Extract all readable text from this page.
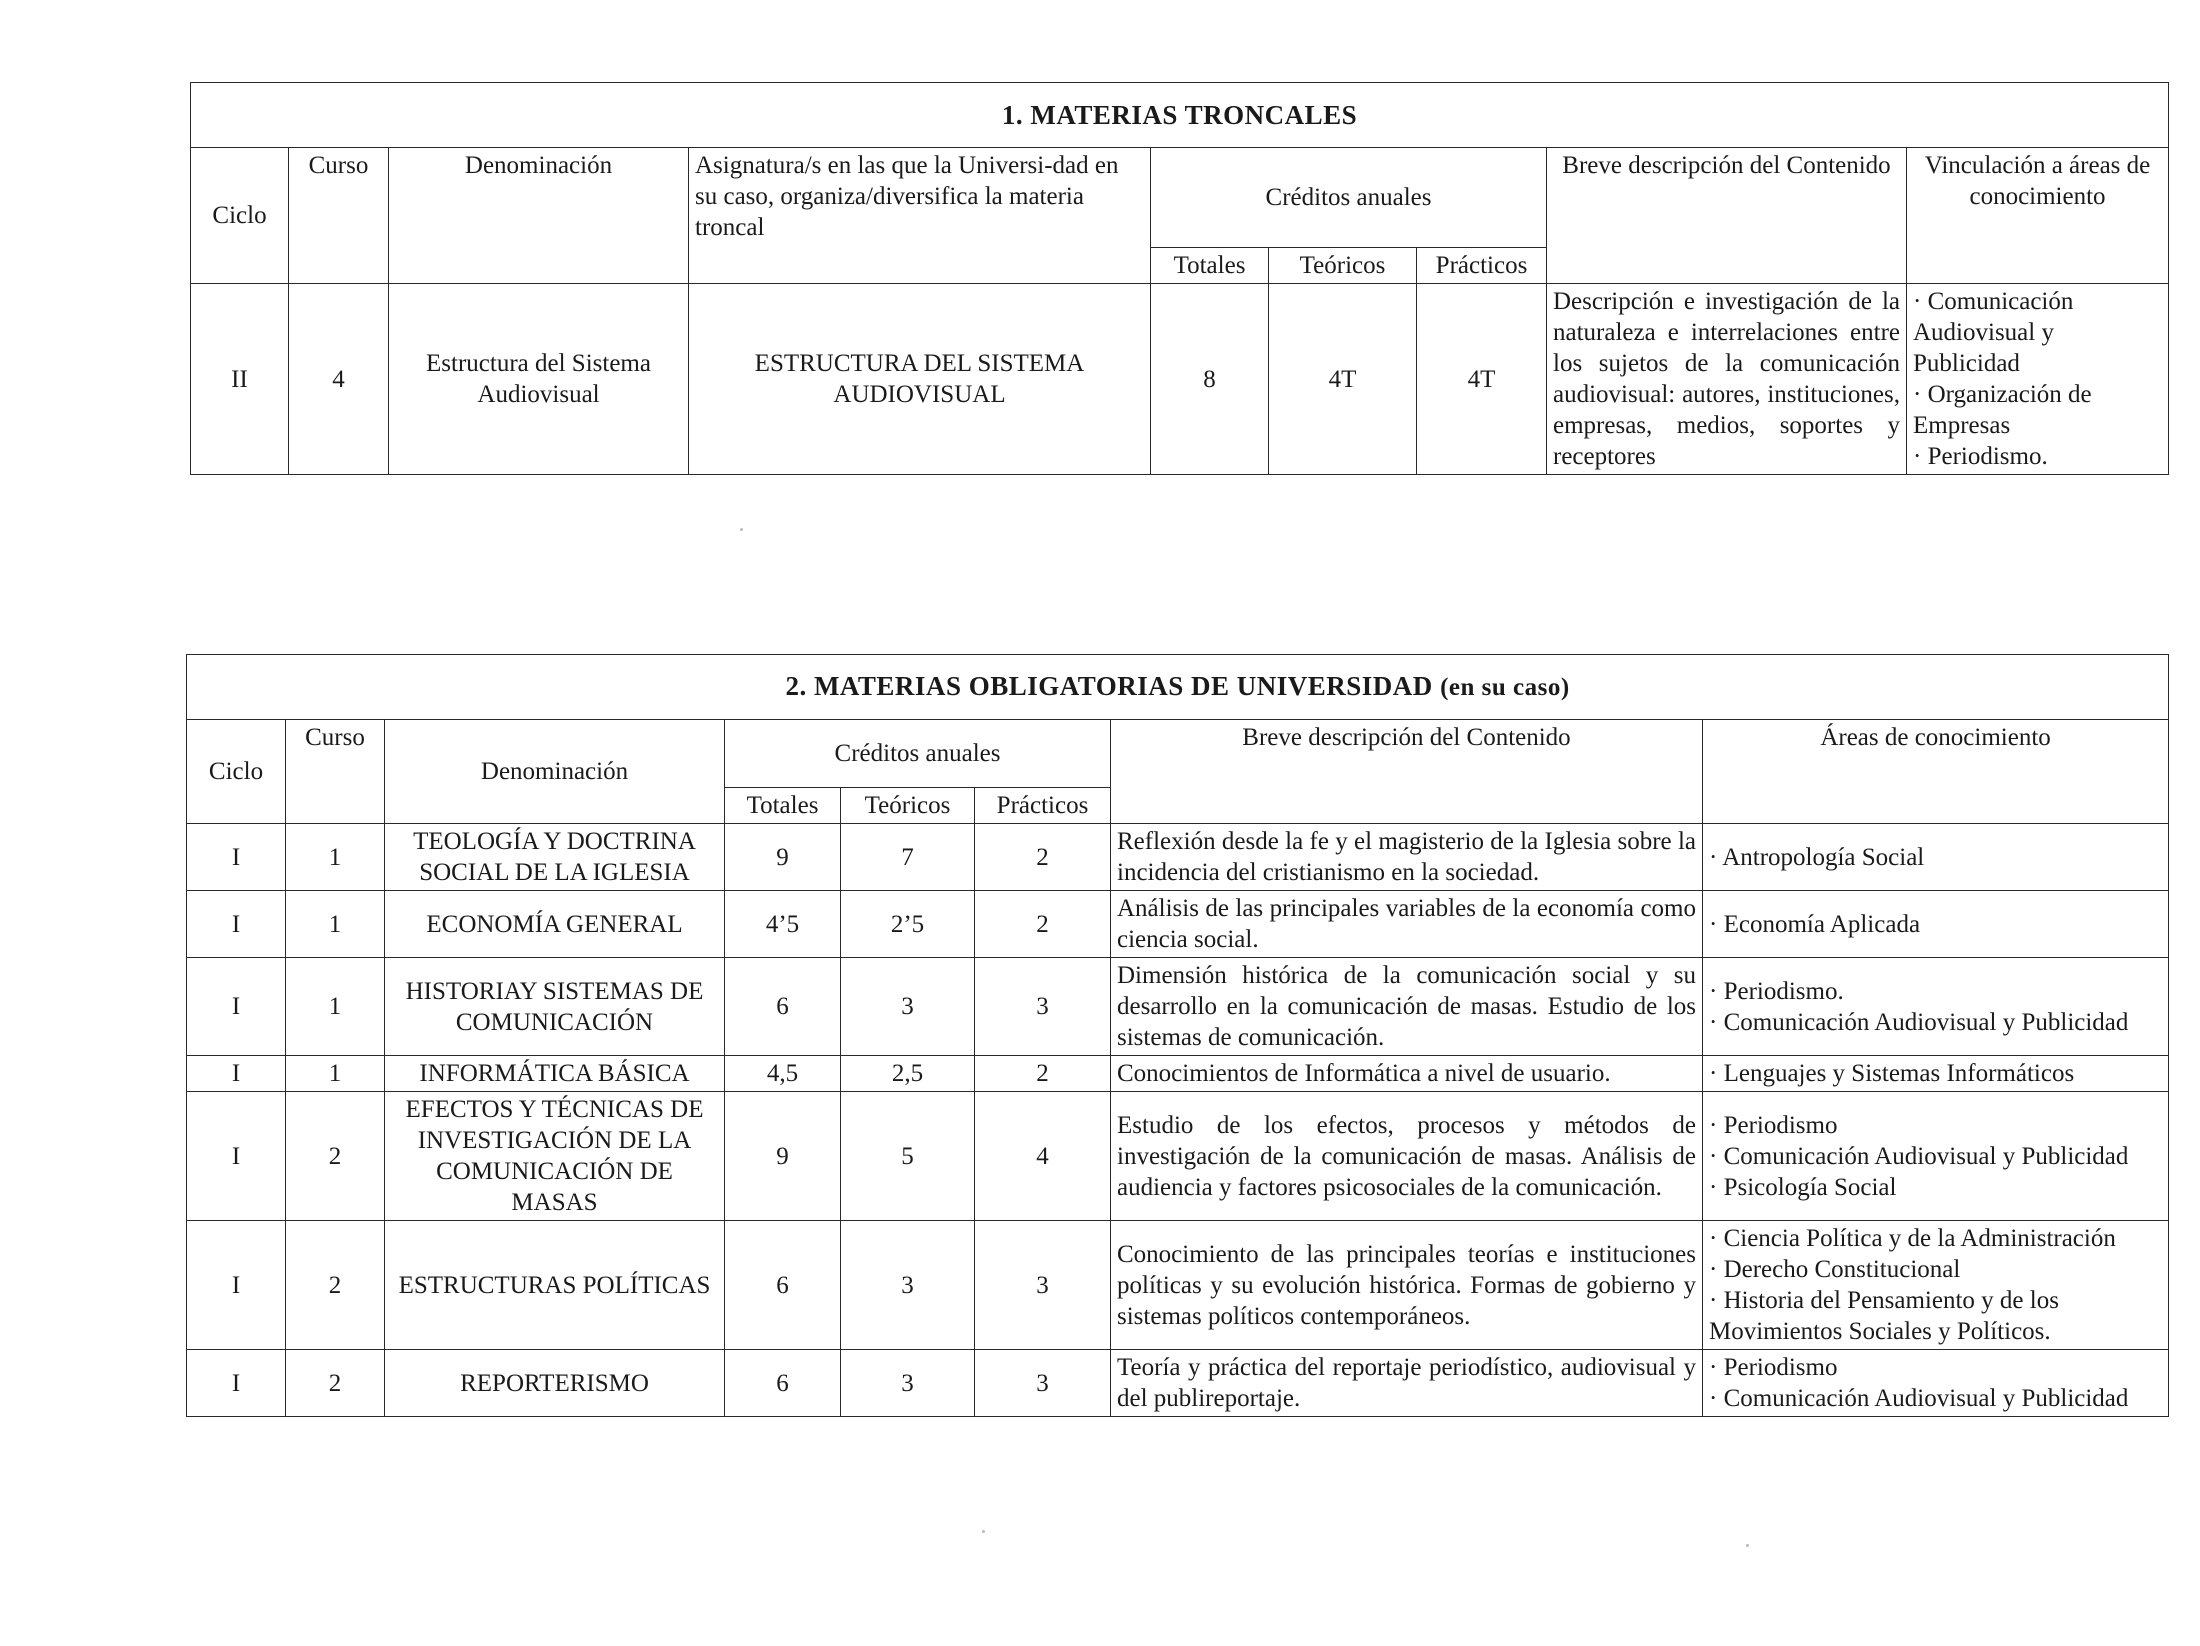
1. MATERIAS TRONCALES								
Ciclo	Curso	Denominación	Asignatura/s en las que la Universi-dad en su caso, organiza/diversifica la materia troncal	Créditos anuales			Breve descripción del Contenido	Vinculación a áreas de conocimiento
				Totales	Teóricos	Prácticos		
II	4	Estructura del Sistema Audiovisual	ESTRUCTURA DEL SISTEMA AUDIOVISUAL	8	4T	4T	Descripción e investigación de la naturaleza e interrelaciones entre los sujetos de la comunicación audiovisual: autores, instituciones, empresas, medios, soportes y receptores	· Comunicación Audiovisual y Publicidad
· Organización de Empresas
· Periodismo.
2. MATERIAS OBLIGATORIAS DE UNIVERSIDAD (en su caso)							
Ciclo	Curso	Denominación	Créditos anuales			Breve descripción del Contenido	Áreas de conocimiento
			Totales	Teóricos	Prácticos		
I	1	TEOLOGÍA Y DOCTRINA SOCIAL DE LA IGLESIA	9	7	2	Reflexión desde la fe y el magisterio de la Iglesia sobre la incidencia del cristianismo en la sociedad.	· Antropología Social

I	1	ECONOMÍA GENERAL	4’5	2’5	2	Análisis de las principales variables de la economía como ciencia social.	· Economía Aplicada

I	1	HISTORIAY SISTEMAS DE COMUNICACIÓN	6	3	3	Dimensión histórica de la comunicación social y su desarrollo en la comunicación de masas. Estudio de los sistemas de comunicación.	· Periodismo.
· Comunicación Audiovisual y Publicidad

I	1	INFORMÁTICA BÁSICA	4,5	2,5	2	Conocimientos de Informática a nivel de usuario.	· Lenguajes y Sistemas Informáticos

I	2	EFECTOS Y TÉCNICAS DE INVESTIGACIÓN DE LA COMUNICACIÓN DE MASAS	9	5	4	Estudio de los efectos, procesos y métodos de investigación de la comunicación de masas. Análisis de audiencia y factores psicosociales de la comunicación.	· Periodismo
· Comunicación Audiovisual y Publicidad
· Psicología Social

I	2	ESTRUCTURAS POLÍTICAS	6	3	3	Conocimiento de las principales teorías e instituciones políticas y su evolución histórica. Formas de gobierno y sistemas políticos contemporáneos.	· Ciencia Política y de la Administración
· Derecho Constitucional
· Historia del Pensamiento y de los Movimientos Sociales y Políticos.

I	2	REPORTERISMO	6	3	3	Teoría y práctica del reportaje periodístico, audiovisual y del publireportaje.	· Periodismo
· Comunicación Audiovisual y Publicidad
